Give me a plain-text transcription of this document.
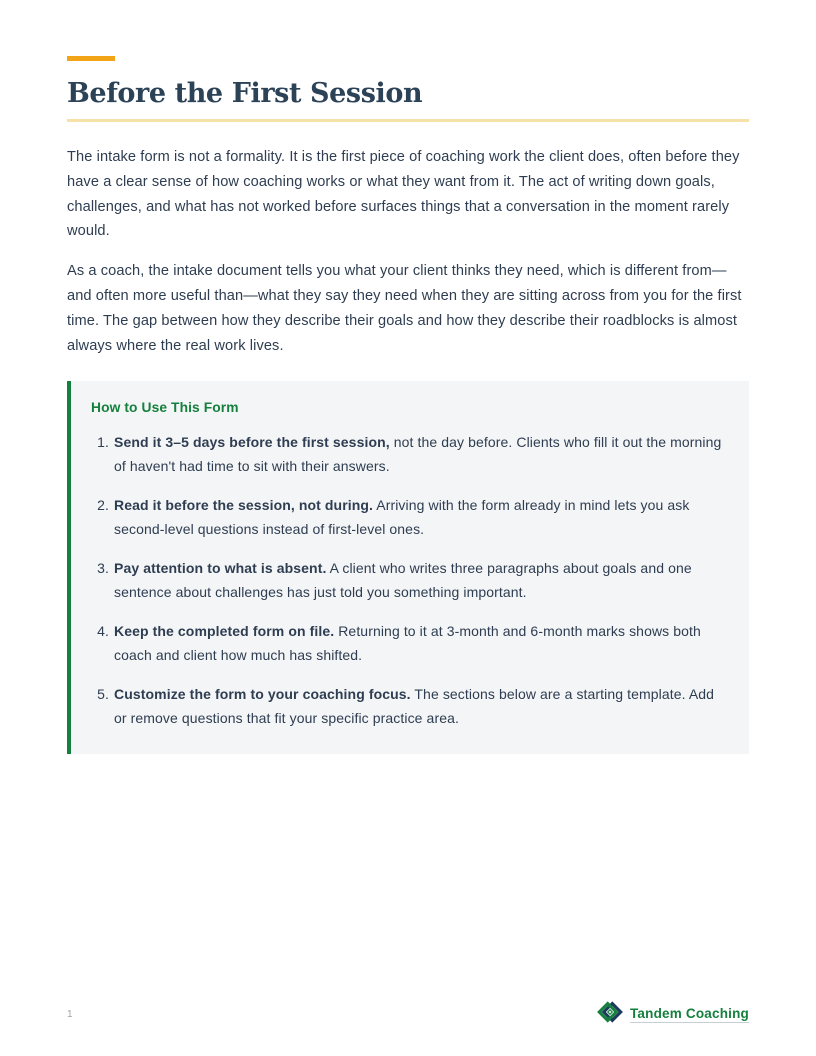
Before the First Session

The intake form is not a formality. It is the first piece of coaching work the client does, often before they have a clear sense of how coaching works or what they want from it. The act of writing down goals, challenges, and what has not worked before surfaces things that a conversation in the moment rarely would.

As a coach, the intake document tells you what your client thinks they need, which is different from—and often more useful than—what they say they need when they are sitting across from you for the first time. The gap between how they describe their goals and how they describe their roadblocks is almost always where the real work lives.

How to Use This Form
1. Send it 3–5 days before the first session, not the day before. Clients who fill it out the morning of haven't had time to sit with their answers.
2. Read it before the session, not during. Arriving with the form already in mind lets you ask second-level questions instead of first-level ones.
3. Pay attention to what is absent. A client who writes three paragraphs about goals and one sentence about challenges has just told you something important.
4. Keep the completed form on file. Returning to it at 3-month and 6-month marks shows both coach and client how much has shifted.
5. Customize the form to your coaching focus. The sections below are a starting template. Add or remove questions that fit your specific practice area.
1	Tandem Coaching
